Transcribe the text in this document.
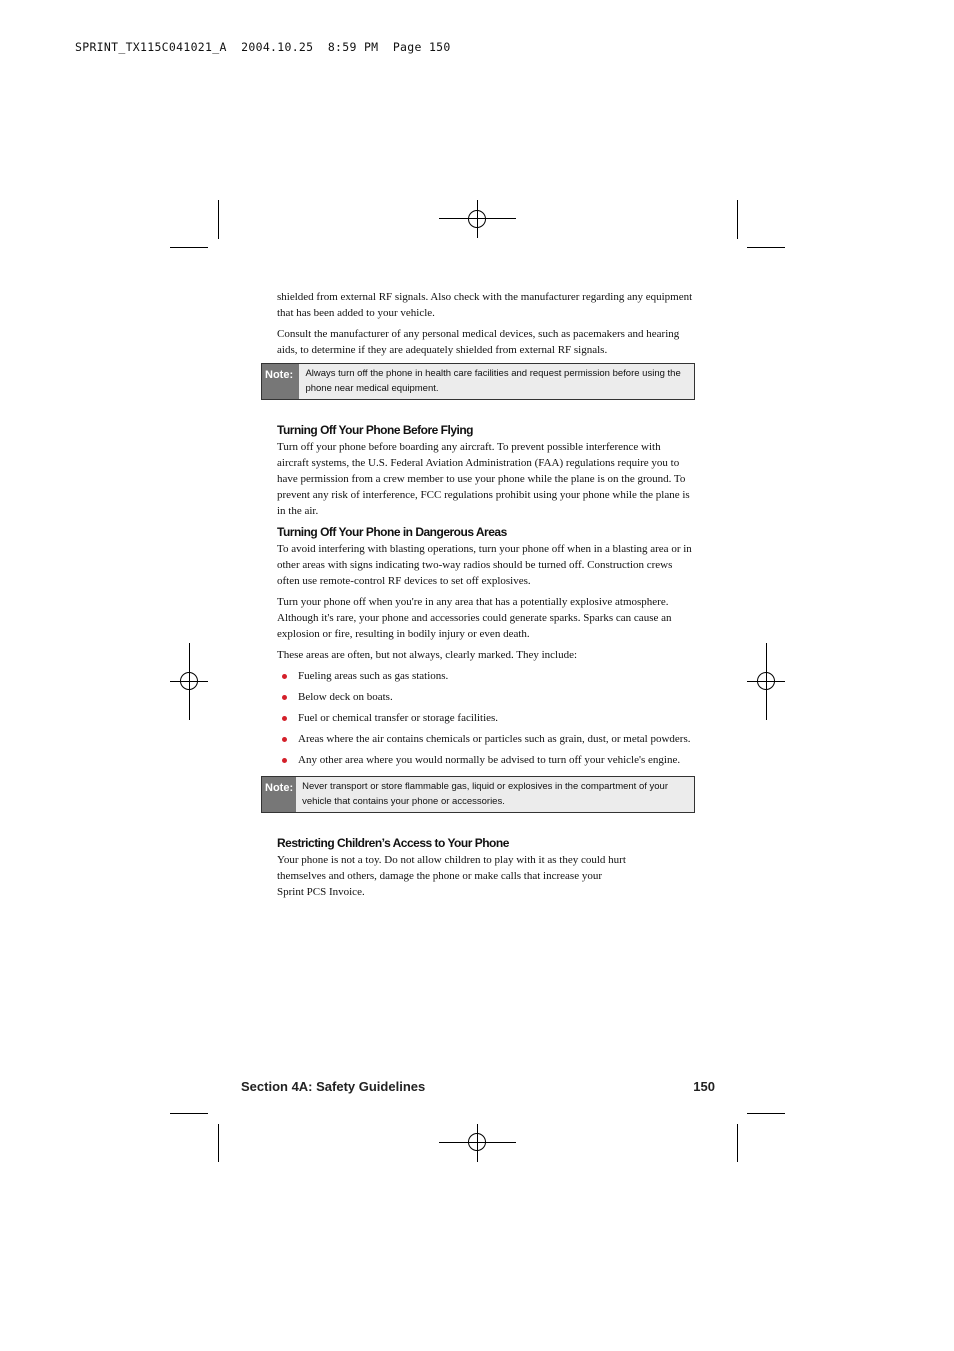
SPRINT_TX115C041021_A  2004.10.25  8:59 PM  Page 150

shielded from external RF signals. Also check with the manufacturer regarding any equipment that has been added to your vehicle.

Consult the manufacturer of any personal medical devices, such as pacemakers and hearing aids, to determine if they are adequately shielded from external RF signals.

Note:	Always turn off the phone in health care facilities and request permission before using the phone near medical equipment.
Turning Off Your Phone Before Flying

Turn off your phone before boarding any aircraft. To prevent possible interference with aircraft systems, the U.S. Federal Aviation Administration (FAA) regulations require you to have permission from a crew member to use your phone while the plane is on the ground. To prevent any risk of interference, FCC regulations prohibit using your phone while the plane is in the air.

Turning Off Your Phone in Dangerous Areas

To avoid interfering with blasting operations, turn your phone off when in a blasting area or in other areas with signs indicating two-way radios should be turned off. Construction crews often use remote-control RF devices to set off explosives.

Turn your phone off when you're in any area that has a potentially explosive atmosphere. Although it's rare, your phone and accessories could generate sparks. Sparks can cause an explosion or fire, resulting in bodily injury or even death.

These areas are often, but not always, clearly marked. They include:

Fueling areas such as gas stations.
Below deck on boats.
Fuel or chemical transfer or storage facilities.
Areas where the air contains chemicals or particles such as grain, dust, or metal powders.
Any other area where you would normally be advised to turn off your vehicle's engine.
Note: Never transport or store flammable gas, liquid or explosives in the compartment of your vehicle that contains your phone or accessories.
Restricting Children’s Access to Your Phone

Your phone is not a toy. Do not allow children to play with it as they could hurt themselves and others, damage the phone or make calls that increase your
Sprint PCS Invoice.

Section 4A: Safety Guidelines	150
